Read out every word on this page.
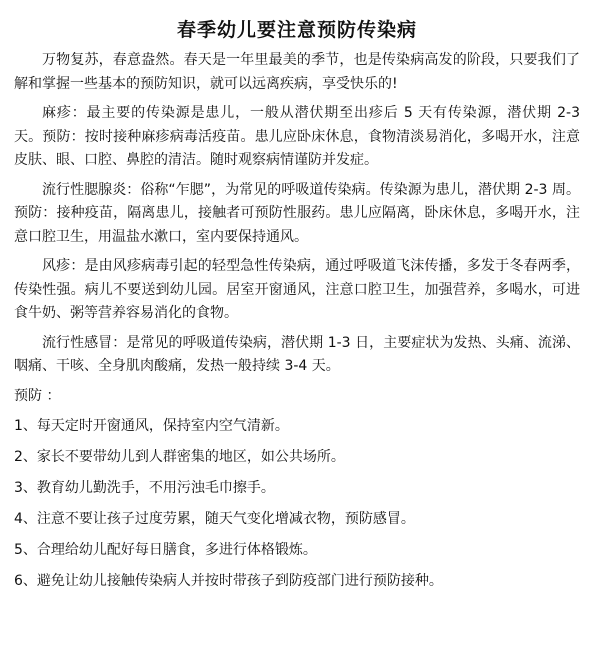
春季幼儿要注意预防传染病

万物复苏，春意盎然。春天是一年里最美的季节，也是传染病高发的阶段，只要我们了解和掌握一些基本的预防知识，就可以远离疾病，享受快乐的!

麻疹：最主要的传染源是患儿，一般从潜伏期至出疹后 5 天有传染源，潜伏期 2-3 天。预防：按时接种麻疹病毒活疫苗。患儿应卧床休息，食物清淡易消化，多喝开水，注意皮肤、眼、口腔、鼻腔的清洁。随时观察病情谨防并发症。

流行性腮腺炎：俗称“乍腮”，为常见的呼吸道传染病。传染源为患儿，潜伏期 2-3 周。预防：接种疫苗，隔离患儿，接触者可预防性服药。患儿应隔离，卧床休息，多喝开水，注意口腔卫生，用温盐水漱口，室内要保持通风。

风疹：是由风疹病毒引起的轻型急性传染病，通过呼吸道飞沫传播，多发于冬春两季，传染性强。病儿不要送到幼儿园。居室开窗通风，注意口腔卫生，加强营养，多喝水，可进食牛奶、粥等营养容易消化的食物。

流行性感冒：是常见的呼吸道传染病，潜伏期 1-3 日，主要症状为发热、头痛、流涕、咽痛、干咳、全身肌肉酸痛，发热一般持续 3-4 天。

预防 ：
1、每天定时开窗通风，保持室内空气清新。
2、家长不要带幼儿到人群密集的地区，如公共场所。
3、教育幼儿勤洗手，不用污浊毛巾擦手。
4、注意不要让孩子过度劳累，随天气变化增减衣物，预防感冒。
5、合理给幼儿配好每日膳食，多进行体格锻炼。
6、避免让幼儿接触传染病人并按时带孩子到防疫部门进行预防接种。
